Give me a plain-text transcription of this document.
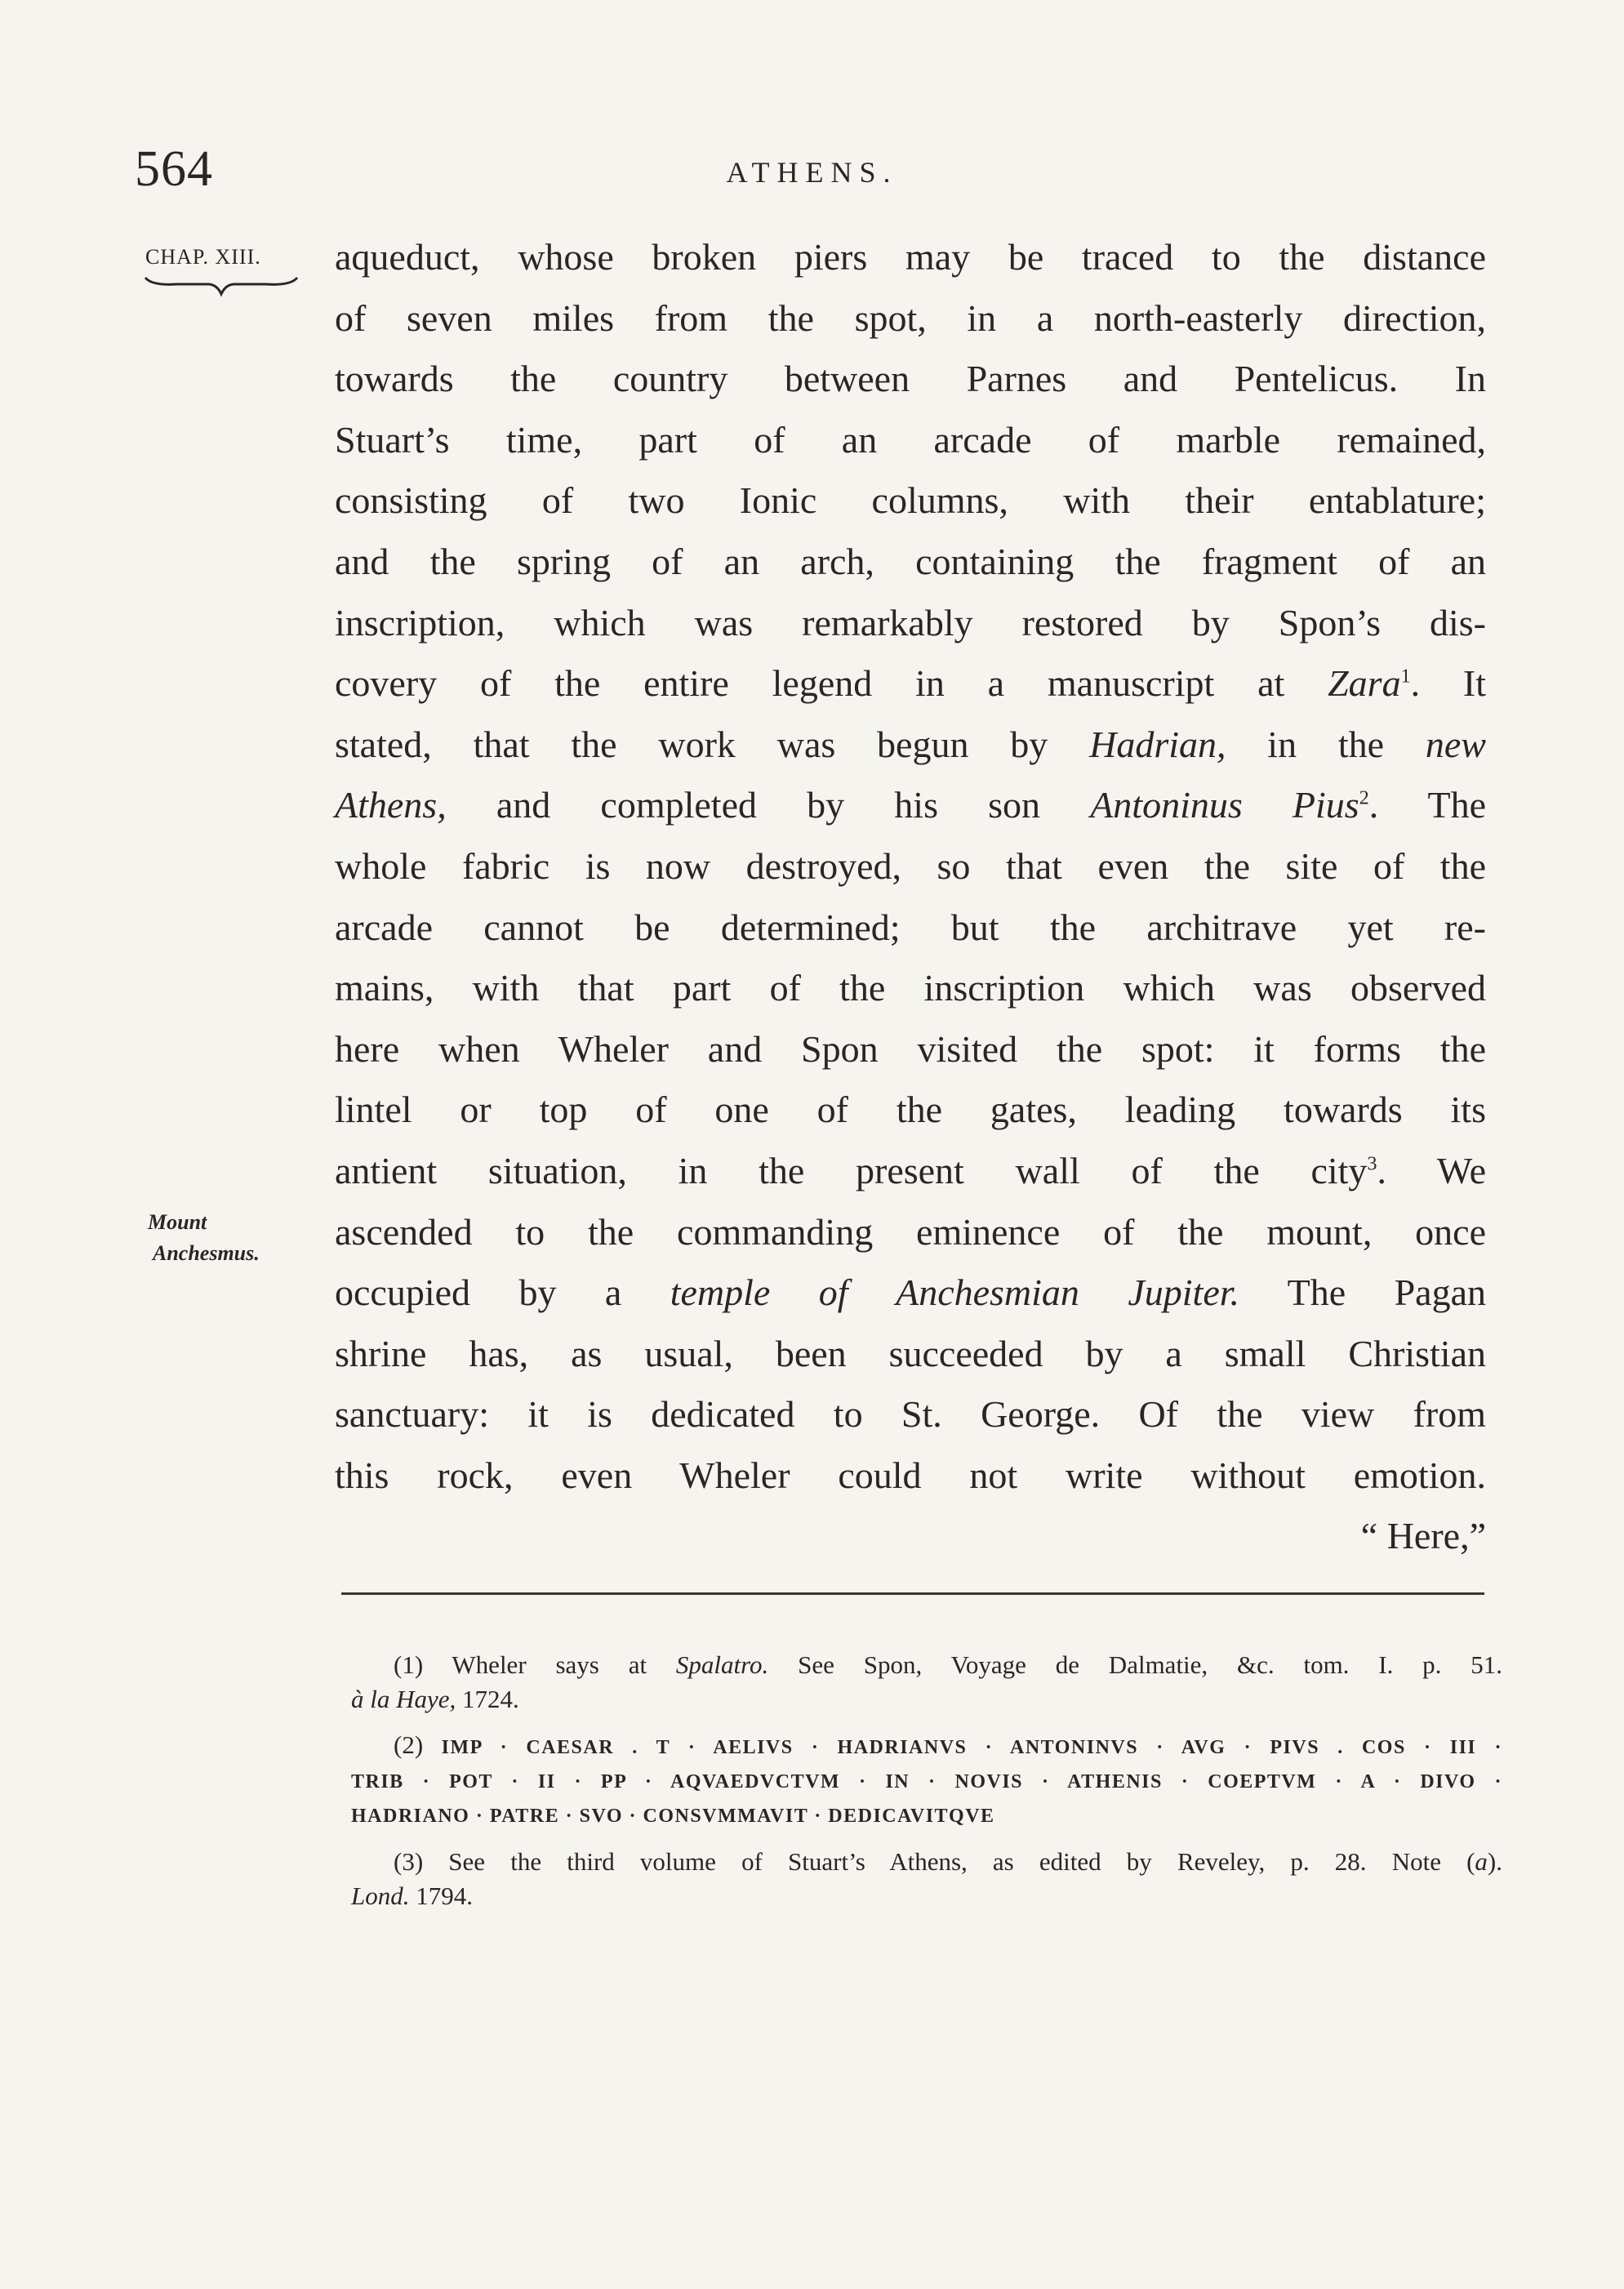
564	ATHENS.
CHAP. XIII.
Mount
Anchesmus.
aqueduct, whose broken piers may be traced to the distance
of seven miles from the spot, in a north-easterly direction,
towards the country between Parnes and Pentelicus. In
Stuart’s time, part of an arcade of marble remained,
consisting of two Ionic columns, with their entablature;
and the spring of an arch, containing the fragment of an
inscription, which was remarkably restored by Spon’s dis-
covery of the entire legend in a manuscript at Zara$^1$. It
stated, that the work was begun by Hadrian, in the new
Athens, and completed by his son Antoninus Pius$^2$. The
whole fabric is now destroyed, so that even the site of the
arcade cannot be determined; but the architrave yet re-
mains, with that part of the inscription which was observed
here when Wheler and Spon visited the spot: it forms the
lintel or top of one of the gates, leading towards its
antient situation, in the present wall of the city$^3$. We
ascended to the commanding eminence of the mount, once
occupied by a temple of Anchesmian Jupiter. The Pagan
shrine has, as usual, been succeeded by a small Christian
sanctuary: it is dedicated to St. George. Of the view from
this rock, even Wheler could not write without emotion.
“ Here,”
(1) Wheler says at Spalatro. See Spon, Voyage de Dalmatie, &c. tom. I. p. 51.
à la Haye, 1724.
(2) IMP · CAESAR . T · AELIVS · HADRIANVS · ANTONINVS · AVG · PIVS . COS · III ·
TRIB · POT · II · PP · AQVAEDVCTVM · IN · NOVIS · ATHENIS · COEPTVM · A · DIVO ·
HADRIANO · PATRE · SVO · CONSVMMAVIT · DEDICAVITQVE
(3) See the third volume of Stuart’s Athens, as edited by Reveley, p. 28. Note (a).
Lond. 1794.
